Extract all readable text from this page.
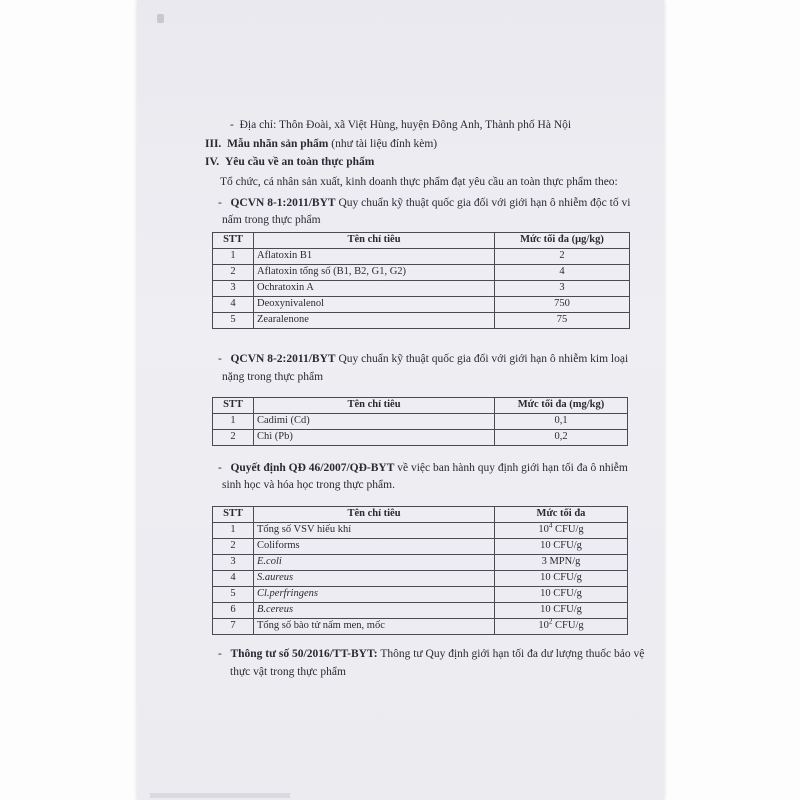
-  Địa chỉ: Thôn Đoài, xã Việt Hùng, huyện Đông Anh, Thành phố Hà Nội
III. Mẫu nhãn sản phẩm (như tài liệu đính kèm)
IV. Yêu cầu về an toàn thực phẩm
Tổ chức, cá nhân sản xuất, kinh doanh thực phẩm đạt yêu cầu an toàn thực phẩm theo:
-   QCVN 8-1:2011/BYT Quy chuẩn kỹ thuật quốc gia đối với giới hạn ô nhiễm độc tố vi
nấm trong thực phẩm
STT	Tên chỉ tiêu	Mức tối đa (µg/kg)
1	Aflatoxin B1	2
2	Aflatoxin tổng số (B1, B2, G1, G2)	4
3	Ochratoxin A	3
4	Deoxynivalenol	750
5	Zearalenone	75
-   QCVN 8-2:2011/BYT Quy chuẩn kỹ thuật quốc gia đối với giới hạn ô nhiễm kim loại
nặng trong thực phẩm
STT	Tên chỉ tiêu	Mức tối đa (mg/kg)
1	Cadimi (Cd)	0,1
2	Chì (Pb)	0,2
-   Quyết định QĐ 46/2007/QĐ-BYT về việc ban hành quy định giới hạn tối đa ô nhiễm
sinh học và hóa học trong thực phẩm.
STT	Tên chỉ tiêu	Mức tối đa
1	Tổng số VSV hiếu khí	$10^4$ CFU/g
2	Coliforms	10 CFU/g
3	E.coli	3 MPN/g
4	S.aureus	10 CFU/g
5	Cl.perfringens	10 CFU/g
6	B.cereus	10 CFU/g
7	Tổng số bào tử nấm men, mốc	$10^2$ CFU/g
-   Thông tư số 50/2016/TT-BYT: Thông tư Quy định giới hạn tối đa dư lượng thuốc bảo vệ
thực vật trong thực phẩm
